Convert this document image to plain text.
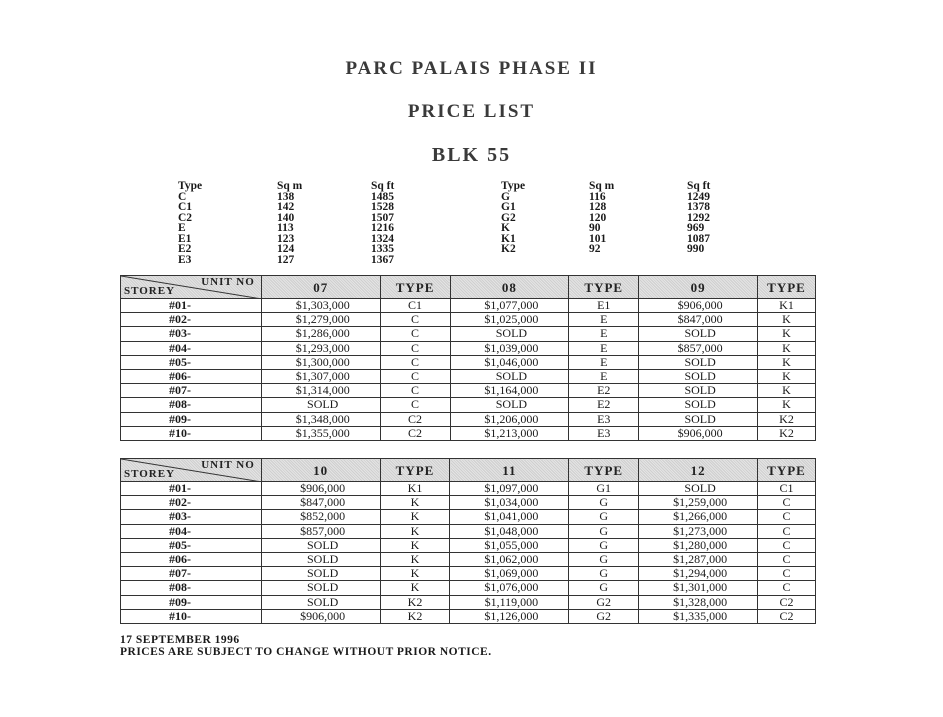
PARC PALAIS PHASE II
PRICE LIST
BLK 55
Type	Sq m	Sq ft
C	138	1485
C1	142	1528
C2	140	1507
E	113	1216
E1	123	1324
E2	124	1335
E3	127	1367
Type	Sq m	Sq ft
G	116	1249
G1	128	1378
G2	120	1292
K	90	969
K1	101	1087
K2	92	990
UNIT NO
STOREY	07	TYPE	08	TYPE	09	TYPE
#01-	$1,303,000	C1	$1,077,000	E1	$906,000	K1
#02-	$1,279,000	C	$1,025,000	E	$847,000	K
#03-	$1,286,000	C	SOLD	E	SOLD	K
#04-	$1,293,000	C	$1,039,000	E	$857,000	K
#05-	$1,300,000	C	$1,046,000	E	SOLD	K
#06-	$1,307,000	C	SOLD	E	SOLD	K
#07-	$1,314,000	C	$1,164,000	E2	SOLD	K
#08-	SOLD	C	SOLD	E2	SOLD	K
#09-	$1,348,000	C2	$1,206,000	E3	SOLD	K2
#10-	$1,355,000	C2	$1,213,000	E3	$906,000	K2
UNIT NO
STOREY	10	TYPE	11	TYPE	12	TYPE
#01-	$906,000	K1	$1,097,000	G1	SOLD	C1
#02-	$847,000	K	$1,034,000	G	$1,259,000	C
#03-	$852,000	K	$1,041,000	G	$1,266,000	C
#04-	$857,000	K	$1,048,000	G	$1,273,000	C
#05-	SOLD	K	$1,055,000	G	$1,280,000	C
#06-	SOLD	K	$1,062,000	G	$1,287,000	C
#07-	SOLD	K	$1,069,000	G	$1,294,000	C
#08-	SOLD	K	$1,076,000	G	$1,301,000	C
#09-	SOLD	K2	$1,119,000	G2	$1,328,000	C2
#10-	$906,000	K2	$1,126,000	G2	$1,335,000	C2
17 SEPTEMBER 1996
PRICES ARE SUBJECT TO CHANGE WITHOUT PRIOR NOTICE.
